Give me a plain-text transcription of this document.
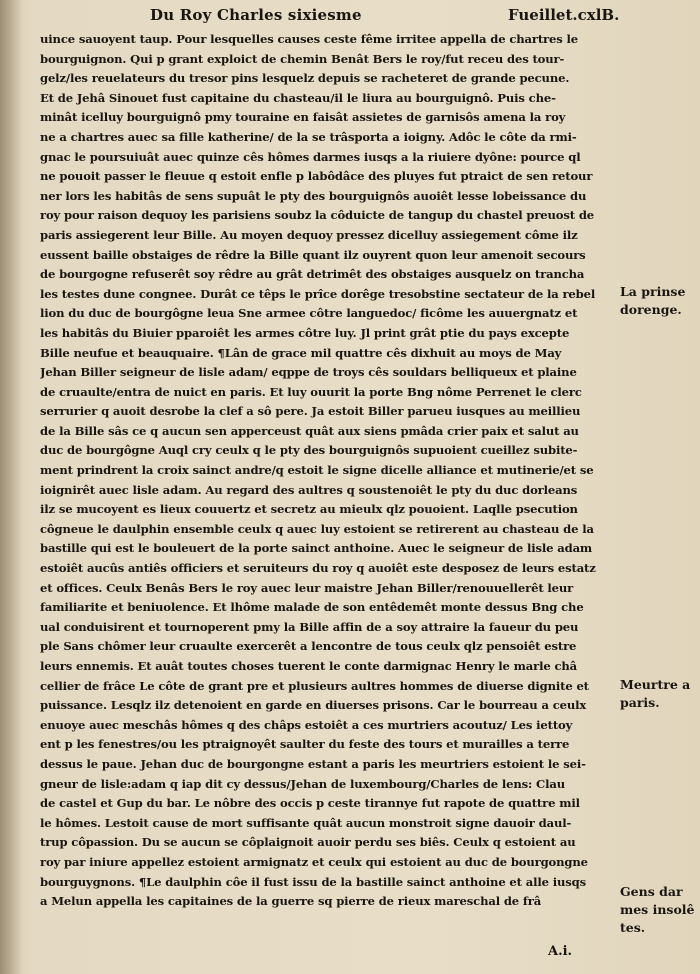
Du Roy Charles sixiesme	Fueillet.cxlB.
uince sauoyent taup. Pour lesquelles causes ceste fême irritee appella de chartres le
bourguignon. Qui p grant exploict de chemin Benât Bers le roy/fut receu des tour-
gelz/les reuelateurs du tresor pins lesquelz depuis se racheteret de grande pecune.
Et de Jehâ Sinouet fust capitaine du chasteau/il le liura au bourguignô. Puis che-
minât icelluy bourguignô pmy touraine en faisât assietes de garnisôs amena la roy
ne a chartres auec sa fille katherine/ de la se trâsporta a ioigny. Adôc le côte da rmi-
gnac le poursuiuât auec quinze cês hômes darmes iusqs a la riuiere dyône: pource ql
ne pouoit passer le fleuue q estoit enfle p labôdâce des pluyes fut ptraict de sen retour
ner lors les habitâs de sens supuât le pty des bourguignôs auoiêt lesse lobeissance du
roy pour raison dequoy les parisiens soubz la côduicte de tangup du chastel preuost de
paris assiegerent leur Bille. Au moyen dequoy pressez dicelluy assiegement côme ilz
eussent baille obstaiges de rêdre la Bille quant ilz ouyrent quon leur amenoit secours
de bourgogne refuserêt soy rêdre au grât detrimêt des obstaiges ausquelz on trancha
les testes dune congnee. Durât ce têps le prîce dorêge tresobstine sectateur de la rebel
lion du duc de bourgôgne leua Sne armee côtre languedoc/ ficôme les auuergnatz et
les habitâs du Biuier pparoiêt les armes côtre luy. Jl print grât ptie du pays excepte
Bille neufue et beauquaire. ¶Lân de grace mil quattre cês dixhuit au moys de May
Jehan Biller seigneur de lisle adam/ eqppe de troys cês souldars belliqueux et plaine
de cruaulte/entra de nuict en paris. Et luy ouurit la porte Bng nôme Perrenet le clerc
serrurier q auoit desrobe la clef a sô pere. Ja estoit Biller parueu iusques au meillieu
de la Bille sâs ce q aucun sen apperceust quât aux siens pmâda crier paix et salut au
duc de bourgôgne Auql cry ceulx q le pty des bourguignôs supuoient cueillez subite-
ment prindrent la croix sainct andre/q estoit le signe dicelle alliance et mutinerie/et se
ioignirêt auec lisle adam. Au regard des aultres q soustenoiêt le pty du duc dorleans
ilz se mucoyent es lieux couuertz et secretz au mieulx qlz pouoient. Laqlle psecution
côgneue le daulphin ensemble ceulx q auec luy estoient se retirerent au chasteau de la
bastille qui est le bouleuert de la porte sainct anthoine. Auec le seigneur de lisle adam
estoiêt aucûs antiês officiers et seruiteurs du roy q auoiêt este desposez de leurs estatz
et offices. Ceulx Benâs Bers le roy auec leur maistre Jehan Biller/renouuellerêt leur
familiarite et beniuolence. Et lhôme malade de son entêdemêt monte dessus Bng che
ual conduisirent et tournoperent pmy la Bille affin de a soy attraire la faueur du peu
ple Sans chômer leur cruaulte exercerêt a lencontre de tous ceulx qlz pensoiêt estre
leurs ennemis. Et auât toutes choses tuerent le conte darmignac Henry le marle châ
cellier de frâce Le côte de grant pre et plusieurs aultres hommes de diuerse dignite et
puissance. Lesqlz ilz detenoient en garde en diuerses prisons. Car le bourreau a ceulx
enuoye auec meschâs hômes q des châps estoiêt a ces murtriers acoutuz/ Les iettoy
ent p les fenestres/ou les ptraignoyêt saulter du feste des tours et murailles a terre
dessus le paue. Jehan duc de bourgongne estant a paris les meurtriers estoient le sei-
gneur de lisle:adam q iap dit cy dessus/Jehan de luxembourg/Charles de lens: Clau
de castel et Gup du bar. Le nôbre des occis p ceste tirannye fut rapote de quattre mil
le hômes. Lestoit cause de mort suffisante quât aucun monstroit signe dauoir daul-
trup côpassion. Du se aucun se côplaignoit auoir perdu ses biês. Ceulx q estoient au
roy par iniure appellez estoient armignatz et ceulx qui estoient au duc de bourgongne
bourguygnons. ¶Le daulphin côe il fust issu de la bastille sainct anthoine et alle iusqs
a Melun appella les capitaines de la guerre sq pierre de rieux mareschal de frâ
La prinse dorenge.
Meurtre a paris.
Gens dar mes insolê tes.
A.i.
